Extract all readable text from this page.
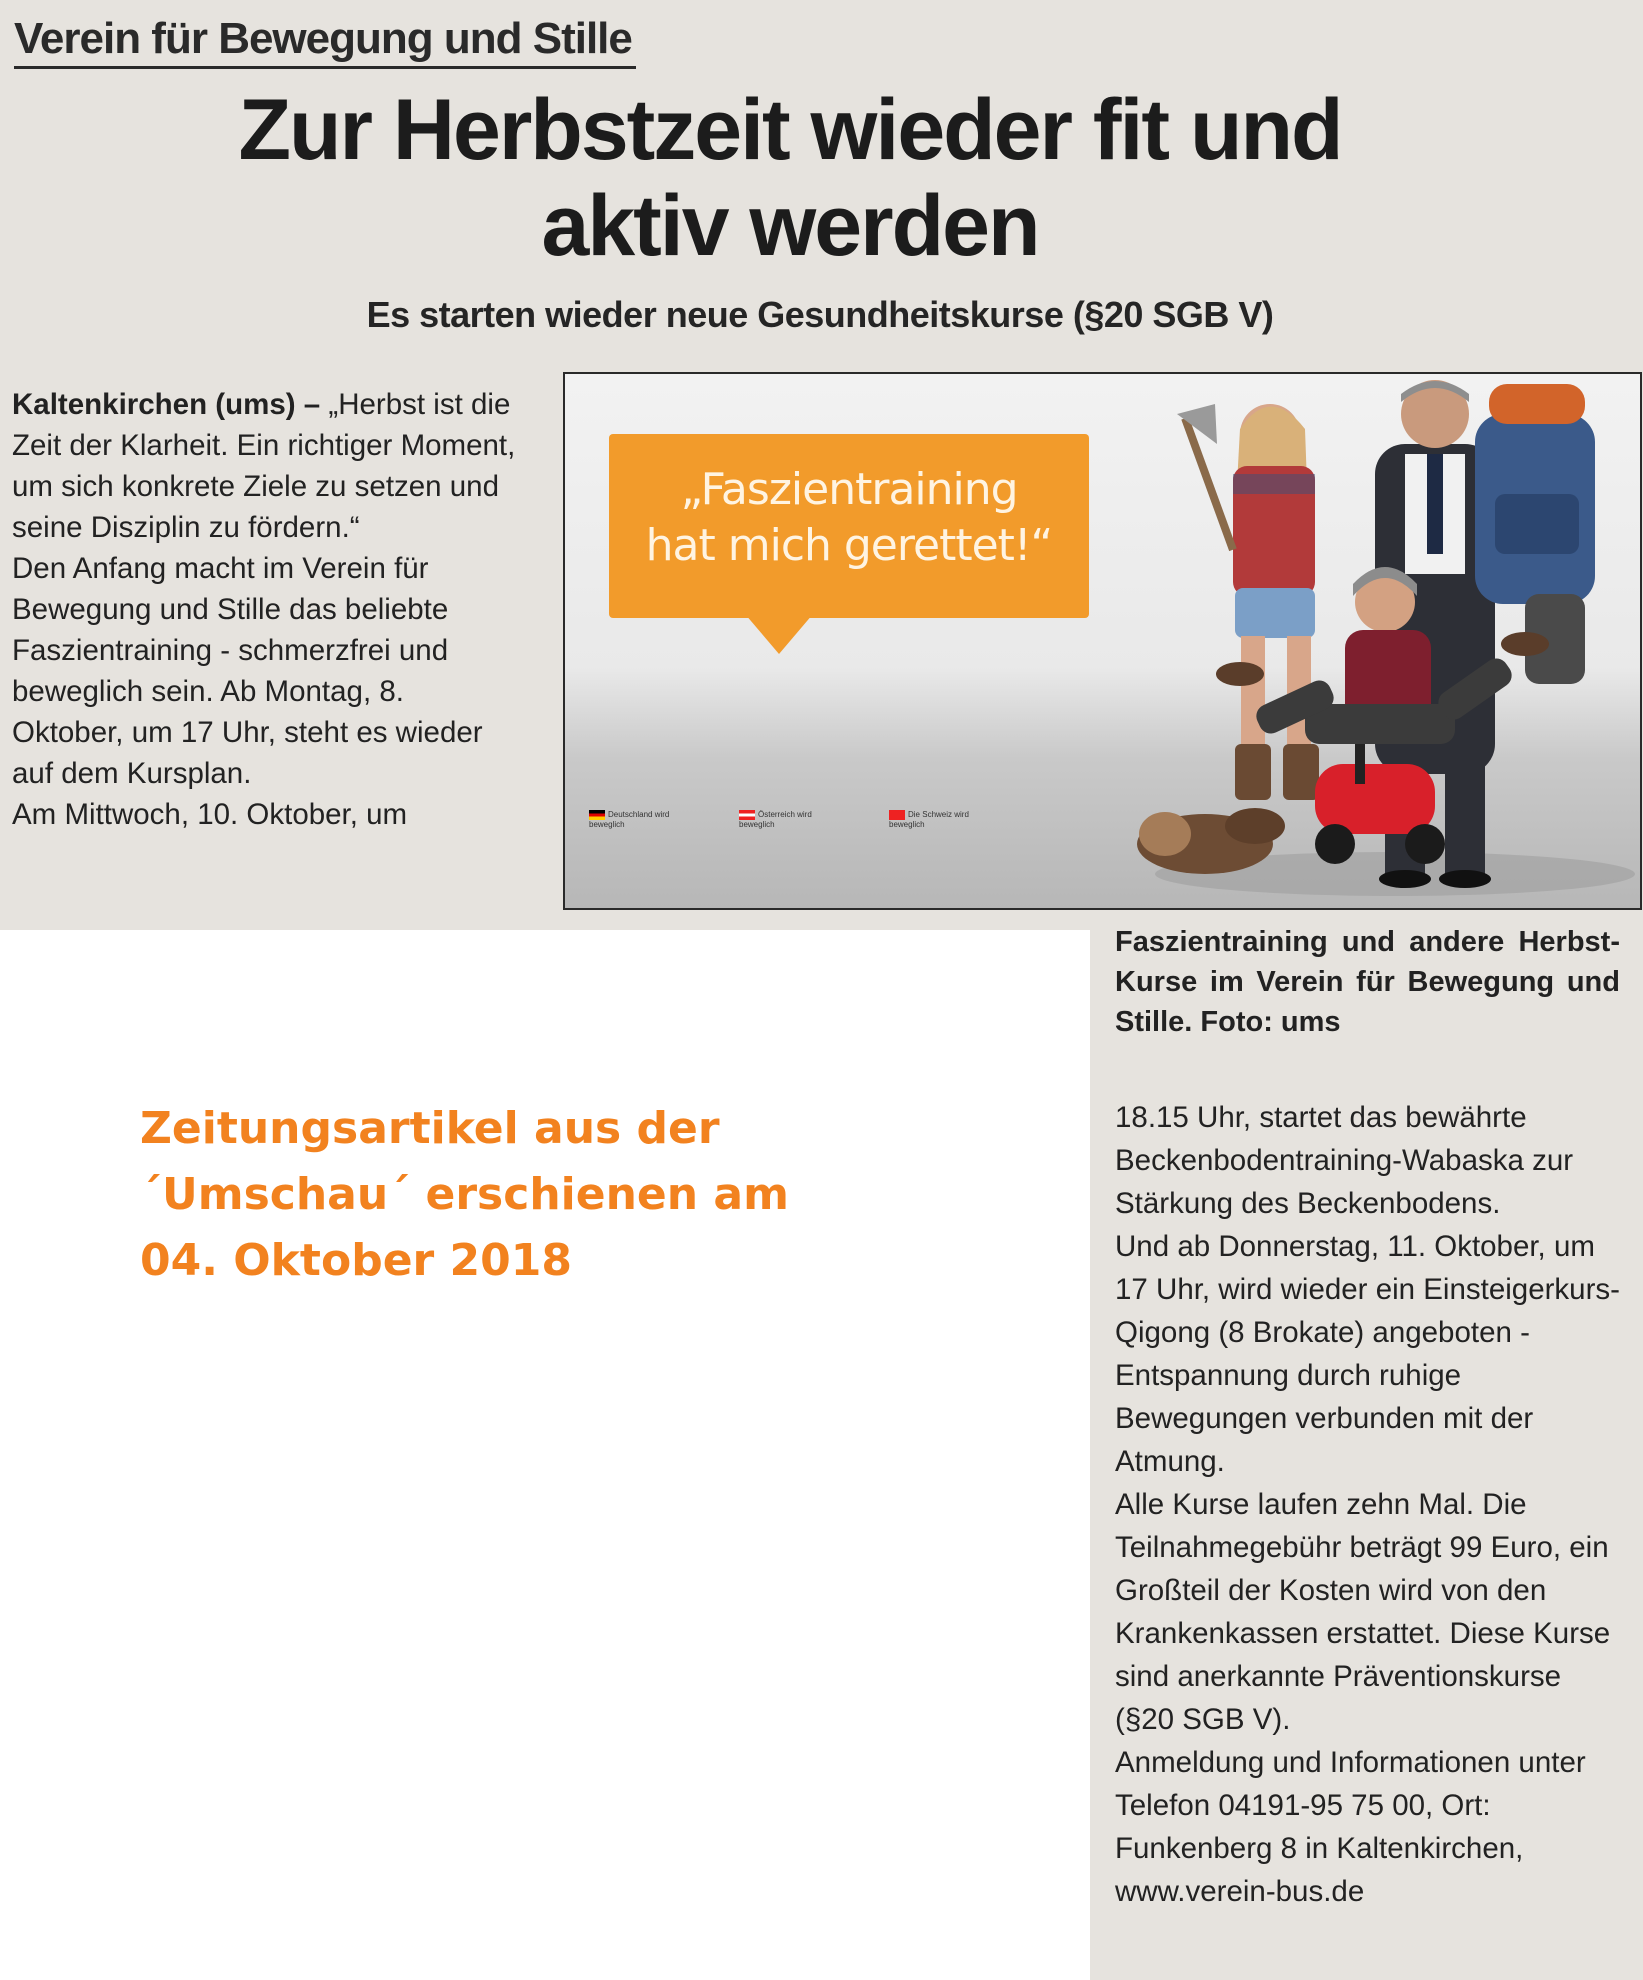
Verein für Bewegung und Stille
Zur Herbstzeit wieder fit und
aktiv werden
Es starten wieder neue Gesundheitskurse (§20 SGB V)

Kaltenkirchen (ums) – „Herbst ist die Zeit der Klarheit. Ein richtiger Moment, um sich konkrete Ziele zu setzen und seine Disziplin zu fördern.“

Den Anfang macht im Verein für Bewegung und Stille das beliebte Faszientraining - schmerzfrei und beweglich sein. Ab Montag, 8. Oktober, um 17 Uhr, steht es wieder auf dem Kursplan.

Am Mittwoch, 10. Oktober, um

„Faszientraining
hat mich gerettet!“
Deutschland wird beweglich
Österreich wird beweglich
Die Schweiz wird beweglich
Faszientraining und andere Herbst-Kurse im Verein für Bewegung und Stille. Foto: ums

18.15 Uhr, startet das bewährte Beckenbodentraining-Wabaska zur Stärkung des Beckenbodens.

Und ab Donnerstag, 11. Oktober, um 17 Uhr, wird wieder ein Einsteigerkurs-Qigong (8 Brokate) angeboten - Entspannung durch ruhige Bewegungen verbunden mit der Atmung.

Alle Kurse laufen zehn Mal. Die Teilnahmegebühr beträgt 99 Euro, ein Großteil der Kosten wird von den Krankenkassen erstattet. Diese Kurse sind anerkannte Präventionskurse (§20 SGB V).

Anmeldung und Informationen unter Telefon 04191-95 75 00, Ort: Funkenberg 8 in Kaltenkirchen, www.verein-bus.de

Zeitungsartikel aus der
´Umschau´ erschienen am
04. Oktober 2018
